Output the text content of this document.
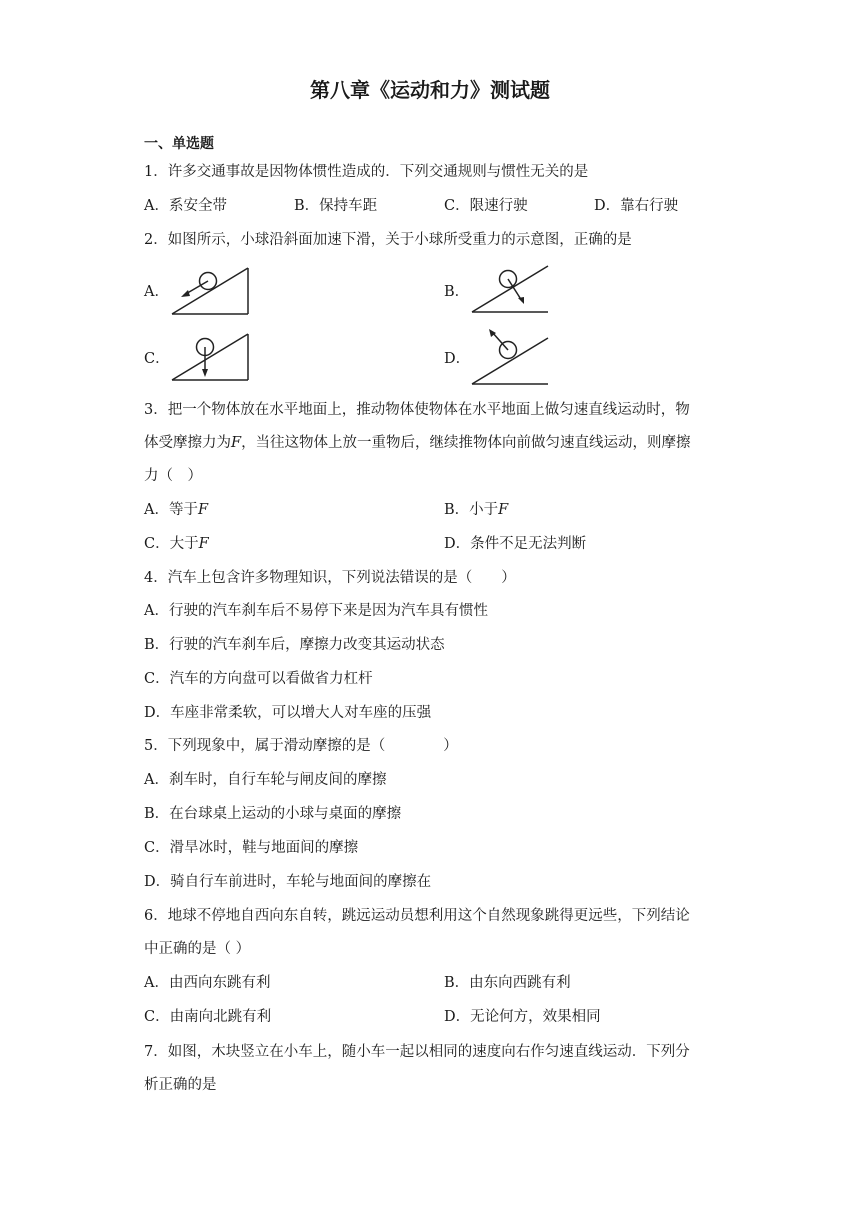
第八章《运动和力》测试题
一、单选题
1．许多交通事故是因物体惯性造成的．下列交通规则与惯性无关的是
A．系安全带	B．保持车距	C．限速行驶	D．靠右行驶
2．如图所示，小球沿斜面加速下滑，关于小球所受重力的示意图，正确的是
A．	B．
C．	D．
3．把一个物体放在水平地面上，推动物体使物体在水平地面上做匀速直线运动时，物
体受摩擦力为F，当往这物体上放一重物后，继续推物体向前做匀速直线运动，则摩擦
力（　）
A．等于F	B．小于F
C．大于F	D．条件不足无法判断
4．汽车上包含许多物理知识，下列说法错误的是（　　）
A．行驶的汽车刹车后不易停下来是因为汽车具有惯性
B．行驶的汽车刹车后，摩擦力改变其运动状态
C．汽车的方向盘可以看做省力杠杆
D．车座非常柔软，可以增大人对车座的压强
5．下列现象中，属于滑动摩擦的是（　　　　）
A．刹车时，自行车轮与闸皮间的摩擦
B．在台球桌上运动的小球与桌面的摩擦
C．滑旱冰时，鞋与地面间的摩擦
D．骑自行车前进时，车轮与地面间的摩擦在
6．地球不停地自西向东自转，跳远运动员想利用这个自然现象跳得更远些，下列结论
中正确的是（ ）
A．由西向东跳有利	B．由东向西跳有利
C．由南向北跳有利	D．无论何方，效果相同
7．如图，木块竖立在小车上，随小车一起以相同的速度向右作匀速直线运动．下列分
析正确的是
